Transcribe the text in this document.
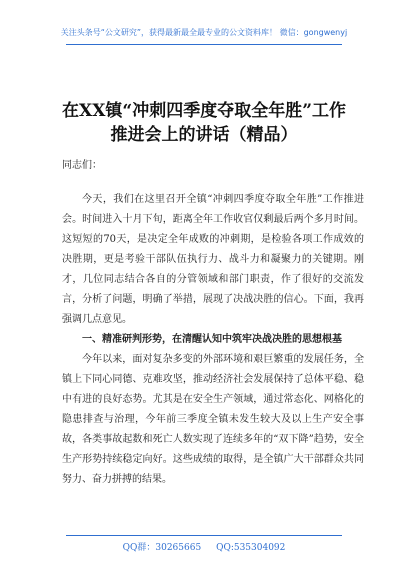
关注头条号“公文研究”，获得最新最全最专业的公文资料库！ 微信：gongwenyj
在XX镇“冲刺四季度夺取全年胜”工作
推进会上的讲话（精品）

同志们：

今天，我们在这里召开全镇“冲刺四季度夺取全年胜”工作推进会。时间进入十月下旬，距离全年工作收官仅剩最后两个多月时间。这短短的70天，是决定全年成败的冲刺期，是检验各项工作成效的决胜期，更是考验干部队伍执行力、战斗力和凝聚力的关键期。刚才，几位同志结合各自的分管领域和部门职责，作了很好的交流发言，分析了问题，明确了举措，展现了决战决胜的信心。下面，我再强调几点意见。

一、精准研判形势，在清醒认知中筑牢决战决胜的思想根基

今年以来，面对复杂多变的外部环境和艰巨繁重的发展任务，全镇上下同心同德、克难攻坚，推动经济社会发展保持了总体平稳、稳中有进的良好态势。尤其是在安全生产领域，通过常态化、网格化的隐患排查与治理，今年前三季度全镇未发生较大及以上生产安全事故，各类事故起数和死亡人数实现了连续多年的“双下降”趋势，安全生产形势持续稳定向好。这些成绩的取得，是全镇广大干部群众共同努力、奋力拼搏的结果。

QQ群：30265665 QQ:535304092
